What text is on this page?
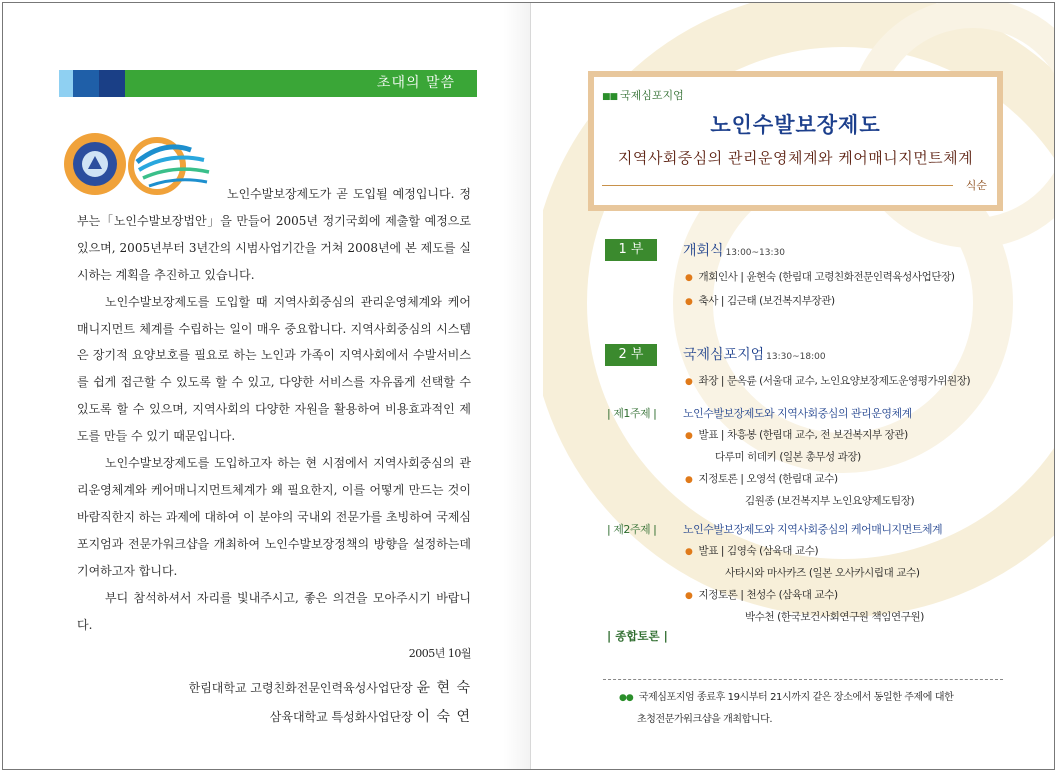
초대의 말씀

노인수발보장제도가 곧 도입될 예정입니다. 정부는「노인수발보장법안」을 만들어 2005년 정기국회에 제출할 예정으로 있으며, 2005년부터 3년간의 시범사업기간을 거쳐 2008년에 본 제도를 실시하는 계획을 추진하고 있습니다.

노인수발보장제도를 도입할 때 지역사회중심의 관리운영체계와 케어매니지먼트 체계를 수립하는 일이 매우 중요합니다. 지역사회중심의 시스템은 장기적 요양보호를 필요로 하는 노인과 가족이 지역사회에서 수발서비스를 쉽게 접근할 수 있도록 할 수 있고, 다양한 서비스를 자유롭게 선택할 수 있도록 할 수 있으며, 지역사회의 다양한 자원을 활용하여 비용효과적인 제도를 만들 수 있기 때문입니다.

노인수발보장제도를 도입하고자 하는 현 시점에서 지역사회중심의 관리운영체계와 케어매니지먼트체계가 왜 필요한지, 이를 어떻게 만드는 것이 바람직한지 하는 과제에 대하여 이 분야의 국내외 전문가를 초빙하여 국제심포지엄과 전문가워크샵을 개최하여 노인수발보장정책의 방향을 설정하는데 기여하고자 합니다.

부디 참석하셔서 자리를 빛내주시고, 좋은 의견을 모아주시기 바랍니다.

2005년 10월
한림대학교 고령친화전문인력육성사업단장 윤 현 숙
삼육대학교 특성화사업단장 이 숙 연
■■ 국제심포지엄
노인수발보장제도
지역사회중심의 관리운영체계와 케어매니지먼트체계
식순
1 부	개회식 13:00~13:30
● 개회인사 | 윤현숙 (한림대 고령친화전문인력육성사업단장)
● 축사 | 김근태 (보건복지부장관)
2 부	국제심포지엄 13:30~18:00
● 좌장 | 문옥륜 (서울대 교수, 노인요양보장제도운영평가위원장)
| 제1주제 | 노인수발보장제도와 지역사회중심의 관리운영체계
● 발표 | 차흥봉 (한림대 교수, 전 보건복지부 장관)
다루미 히데키 (일본 총무성 과장)
● 지정토론 | 오영석 (한림대 교수)
김원종 (보건복지부 노인요양제도팀장)
| 제2주제 | 노인수발보장제도와 지역사회중심의 케어매니지먼트체계
● 발표 | 김영숙 (삼육대 교수)
사타시와 마사카즈 (일본 오사카시립대 교수)
● 지정토론 | 천성수 (삼육대 교수)
박수천 (한국보건사회연구원 책임연구원)
| 종합토론 |
●● 국제심포지엄 종료후 19시부터 21시까지 같은 장소에서 동일한 주제에 대한
초청전문가워크샵을 개최합니다.
